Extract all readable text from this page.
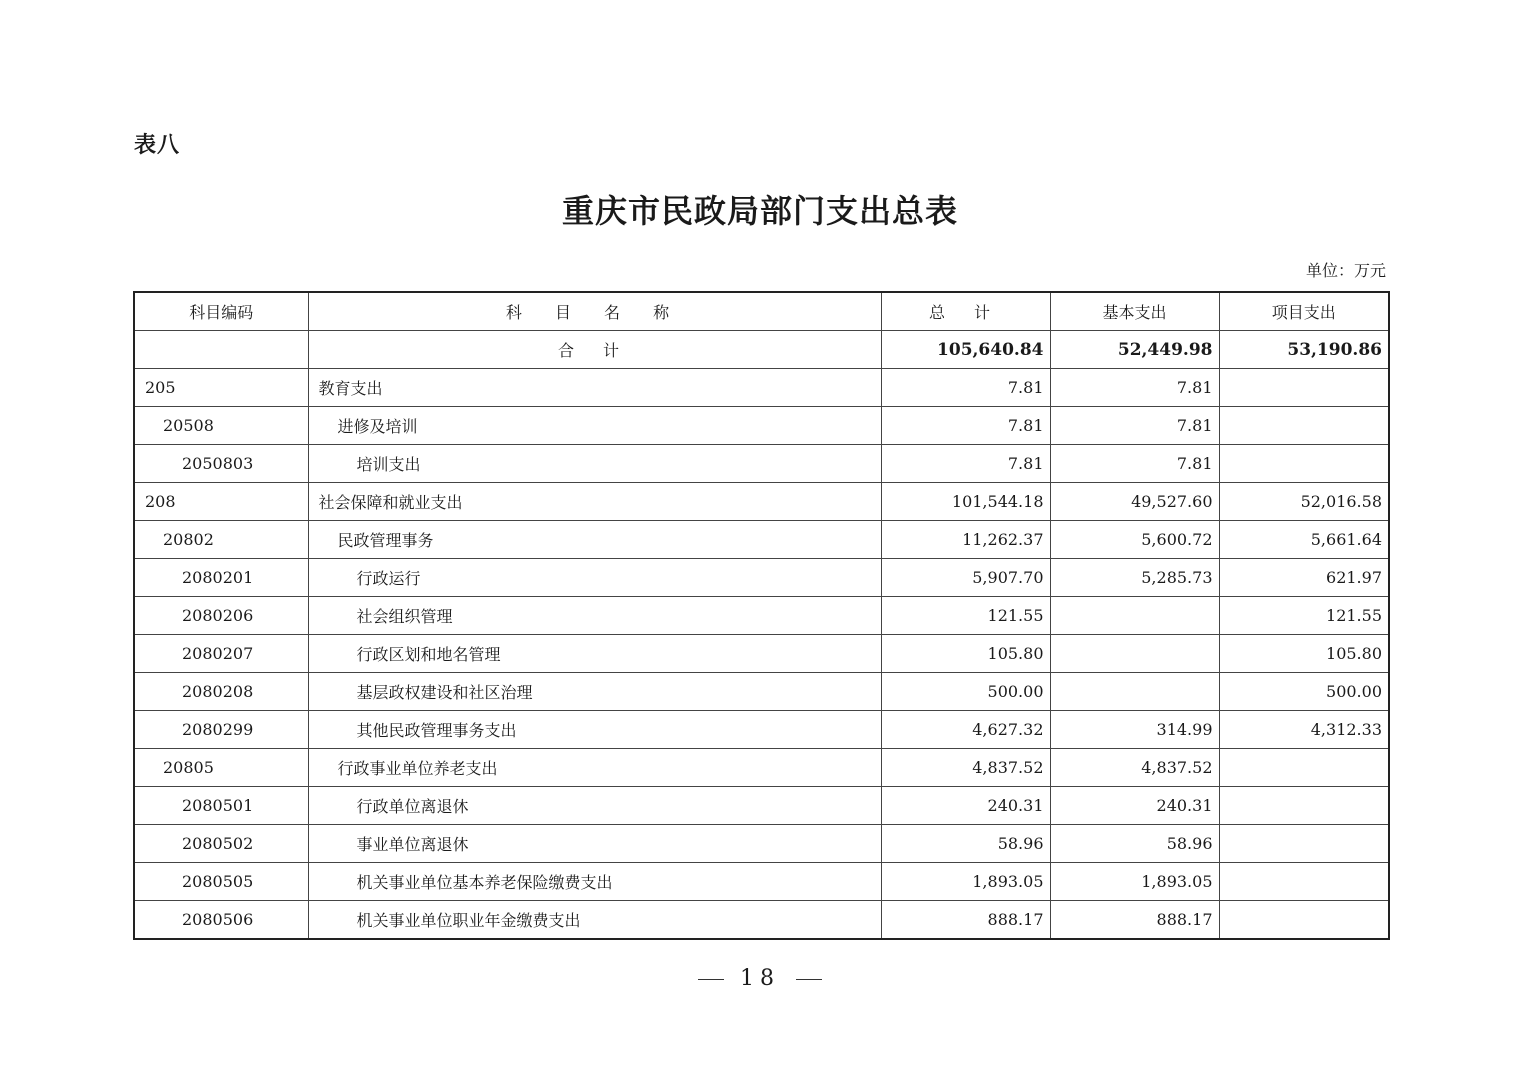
表八
重庆市民政局部门支出总表
单位：万元
科目编码	科 目 名 称	总 计	基本支出	项目支出
	合 计	105,640.84	52,449.98	53,190.86
205	教育支出	7.81	7.81	
20508	进修及培训	7.81	7.81	
2050803	培训支出	7.81	7.81	
208	社会保障和就业支出	101,544.18	49,527.60	52,016.58
20802	民政管理事务	11,262.37	5,600.72	5,661.64
2080201	行政运行	5,907.70	5,285.73	621.97
2080206	社会组织管理	121.55		121.55
2080207	行政区划和地名管理	105.80		105.80
2080208	基层政权建设和社区治理	500.00		500.00
2080299	其他民政管理事务支出	4,627.32	314.99	4,312.33
20805	行政事业单位养老支出	4,837.52	4,837.52	
2080501	行政单位离退休	240.31	240.31	
2080502	事业单位离退休	58.96	58.96	
2080505	机关事业单位基本养老保险缴费支出	1,893.05	1,893.05	
2080506	机关事业单位职业年金缴费支出	888.17	888.17	
18
